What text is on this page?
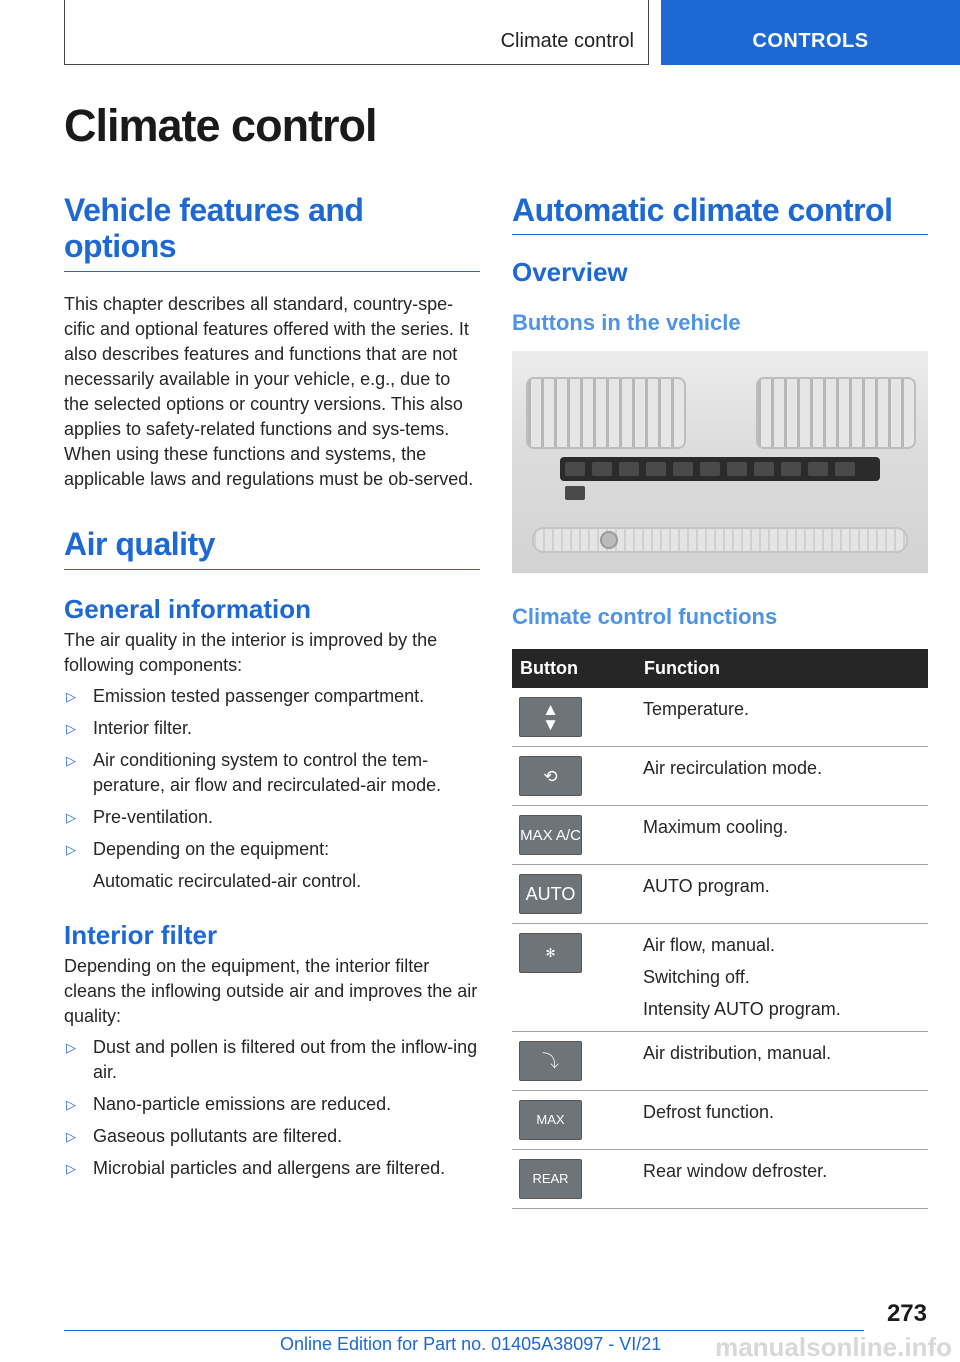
Climate control	CONTROLS
Climate control
Vehicle features and options

This chapter describes all standard, country-spe-cific and optional features offered with the series. It also describes features and functions that are not necessarily available in your vehicle, e.g., due to the selected options or country versions. This also applies to safety-related functions and sys-tems. When using these functions and systems, the applicable laws and regulations must be ob-served.

Air quality
General information

The air quality in the interior is improved by the following components:

▷ Emission tested passenger compartment.
▷ Interior filter.
▷ Air conditioning system to control the tem-perature, air flow and recirculated-air mode.
▷ Pre-ventilation.
▷ Depending on the equipment:
Automatic recirculated-air control.
Interior filter

Depending on the equipment, the interior filter cleans the inflowing outside air and improves the air quality:

▷ Dust and pollen is filtered out from the inflow-ing air.
▷ Nano-particle emissions are reduced.
▷ Gaseous pollutants are filtered.
▷ Microbial particles and allergens are filtered.
Automatic climate control
Overview
Buttons in the vehicle
Climate control functions
Button	Function

▲
▼	Temperature.

⟲	Air recirculation mode.

MAX A/C	Maximum cooling.

AUTO	AUTO program.

✻	Air flow, manual.
Switching off.
Intensity AUTO program.

⤵	Air distribution, manual.

MAX	Defrost function.

REAR	Rear window defroster.
273
Online Edition for Part no. 01405A38097 - VI/21 manualsonline.info
